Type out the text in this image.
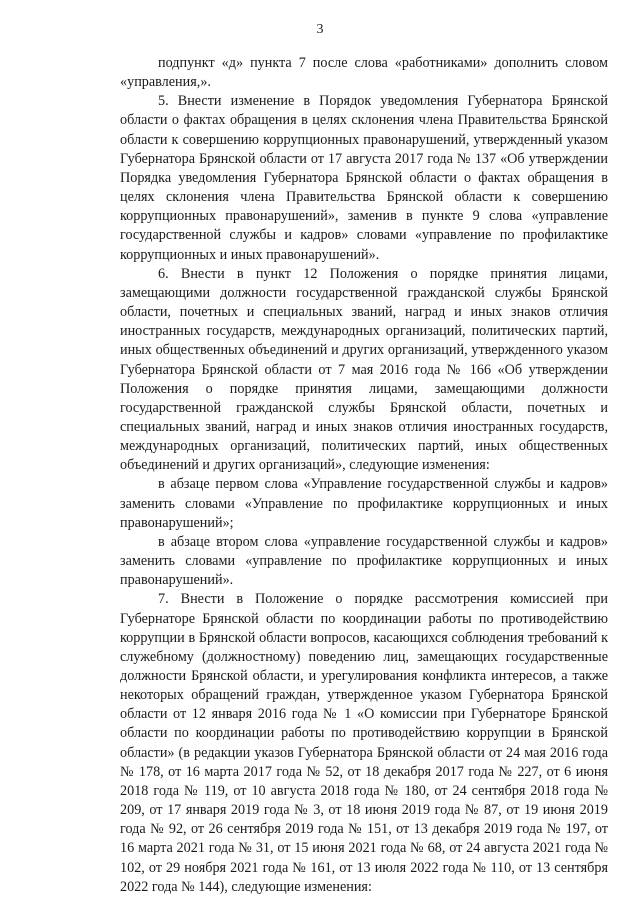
3

подпункт «д» пункта 7 после слова «работниками» дополнить словом «управления,».

5. Внести изменение в Порядок уведомления Губернатора Брянской области о фактах обращения в целях склонения члена Правительства Брянской области к совершению коррупционных правонарушений, утвержденный указом Губернатора Брянской области от 17 августа 2017 года № 137 «Об утверждении Порядка уведомления Губернатора Брянской области о фактах обращения в целях склонения члена Правительства Брянской области к совершению коррупционных правонарушений», заменив в пункте 9 слова «управление государственной службы и кадров» словами «управление по профилактике коррупционных и иных правонарушений».

6. Внести в пункт 12 Положения о порядке принятия лицами, замещающими должности государственной гражданской службы Брянской области, почетных и специальных званий, наград и иных знаков отличия иностранных государств, международных организаций, политических партий, иных общественных объединений и других организаций, утвержденного указом Губернатора Брянской области от 7 мая 2016 года № 166 «Об утверждении Положения о порядке принятия лицами, замещающими должности государственной гражданской службы Брянской области, почетных и специальных званий, наград и иных знаков отличия иностранных государств, международных организаций, политических партий, иных общественных объединений и других организаций», следующие изменения:

в абзаце первом слова «Управление государственной службы и кадров» заменить словами «Управление по профилактике коррупционных и иных правонарушений»;

в абзаце втором слова «управление государственной службы и кадров» заменить словами «управление по профилактике коррупционных и иных правонарушений».

7. Внести в Положение о порядке рассмотрения комиссией при Губернаторе Брянской области по координации работы по противодействию коррупции в Брянской области вопросов, касающихся соблюдения требований к служебному (должностному) поведению лиц, замещающих государственные должности Брянской области, и урегулирования конфликта интересов, а также некоторых обращений граждан, утвержденное указом Губернатора Брянской области от 12 января 2016 года № 1 «О комиссии при Губернаторе Брянской области по координации работы по противодействию коррупции в Брянской области» (в редакции указов Губернатора Брянской области от 24 мая 2016 года № 178, от 16 марта 2017 года № 52, от 18 декабря 2017 года № 227, от 6 июня 2018 года № 119, от 10 августа 2018 года № 180, от 24 сентября 2018 года № 209, от 17 января 2019 года № 3, от 18 июня 2019 года № 87, от 19 июня 2019 года № 92, от 26 сентября 2019 года № 151, от 13 декабря 2019 года № 197, от 16 марта 2021 года № 31, от 15 июня 2021 года № 68, от 24 августа 2021 года № 102, от 29 ноября 2021 года № 161, от 13 июля 2022 года № 110, от 13 сентября 2022 года № 144), следующие изменения:
